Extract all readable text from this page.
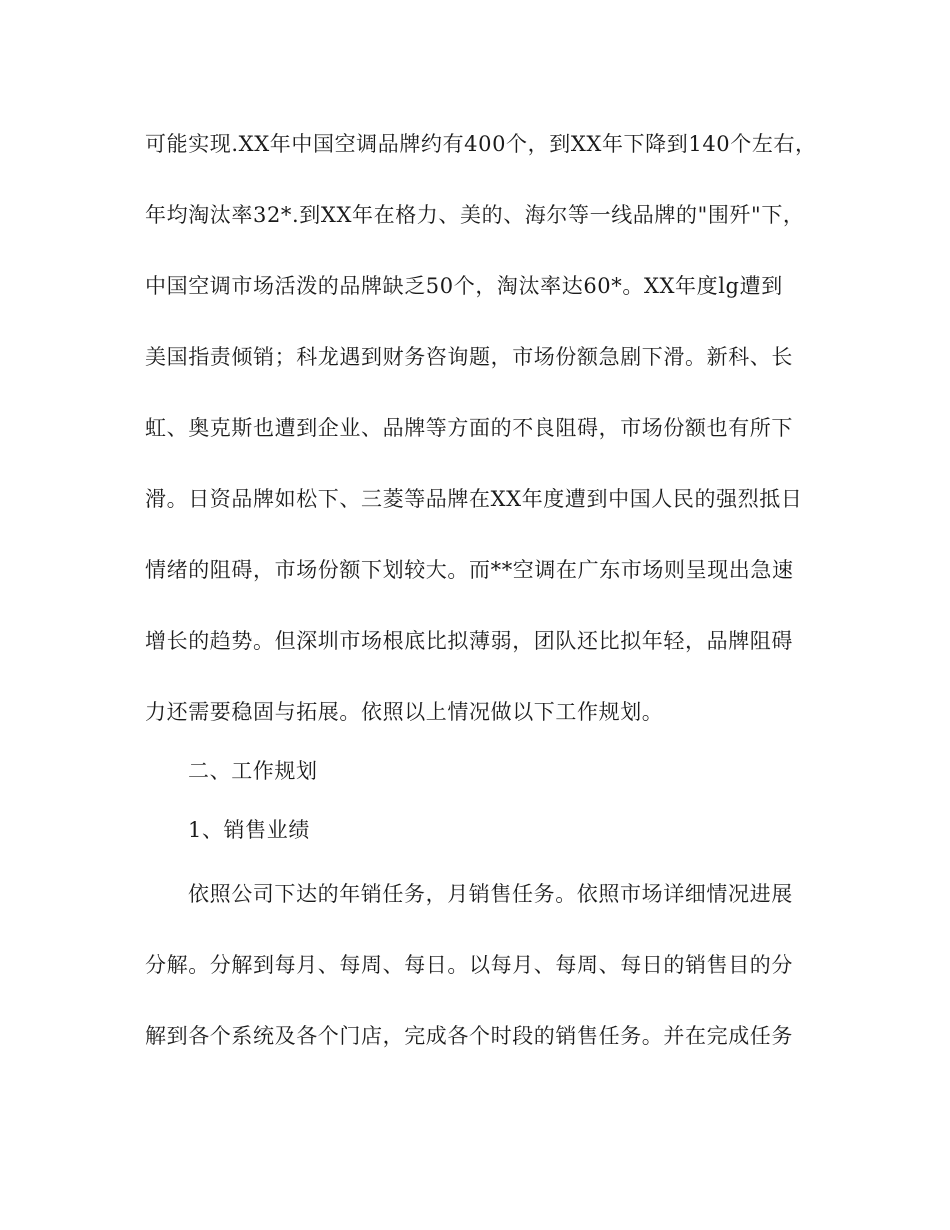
可能实现.XX年中国空调品牌约有400个，到XX年下降到140个左右，
年均淘汰率32*.到XX年在格力、美的、海尔等一线品牌的"围歼"下，
中国空调市场活泼的品牌缺乏50个，淘汰率达60*。XX年度lg遭到
美国指责倾销；科龙遇到财务咨询题，市场份额急剧下滑。新科、长
虹、奥克斯也遭到企业、品牌等方面的不良阻碍，市场份额也有所下
滑。日资品牌如松下、三菱等品牌在XX年度遭到中国人民的强烈抵日
情绪的阻碍，市场份额下划较大。而**空调在广东市场则呈现出急速
增长的趋势。但深圳市场根底比拟薄弱，团队还比拟年轻，品牌阻碍
力还需要稳固与拓展。依照以上情况做以下工作规划。
二、工作规划
1、销售业绩
依照公司下达的年销任务，月销售任务。依照市场详细情况进展
分解。分解到每月、每周、每日。以每月、每周、每日的销售目的分
解到各个系统及各个门店，完成各个时段的销售任务。并在完成任务
